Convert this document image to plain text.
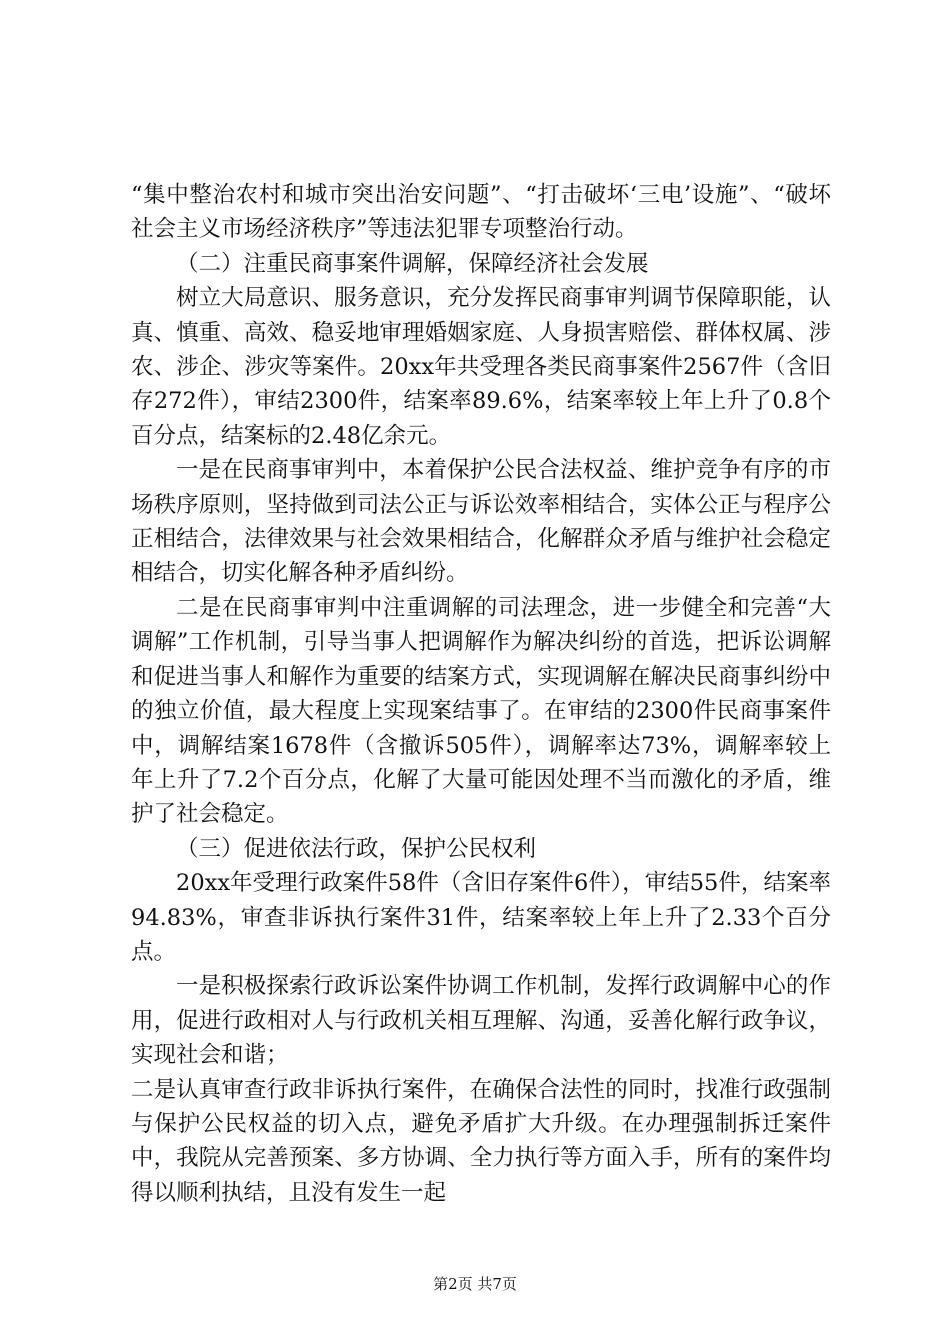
“集中整治农村和城市突出治安问题”、“打击破坏‘三电’设施”、“破坏社会主义市场经济秩序”等违法犯罪专项整治行动。

（二）注重民商事案件调解，保障经济社会发展

树立大局意识、服务意识，充分发挥民商事审判调节保障职能，认真、慎重、高效、稳妥地审理婚姻家庭、人身损害赔偿、群体权属、涉农、涉企、涉灾等案件。20xx年共受理各类民商事案件2567件（含旧存272件），审结2300件，结案率89.6%，结案率较上年上升了0.8个百分点，结案标的2.48亿余元。

一是在民商事审判中，本着保护公民合法权益、维护竞争有序的市场秩序原则，坚持做到司法公正与诉讼效率相结合，实体公正与程序公正相结合，法律效果与社会效果相结合，化解群众矛盾与维护社会稳定相结合，切实化解各种矛盾纠纷。

二是在民商事审判中注重调解的司法理念，进一步健全和完善“大调解”工作机制，引导当事人把调解作为解决纠纷的首选，把诉讼调解和促进当事人和解作为重要的结案方式，实现调解在解决民商事纠纷中的独立价值，最大程度上实现案结事了。在审结的2300件民商事案件中，调解结案1678件（含撤诉505件），调解率达73%，调解率较上年上升了7.2个百分点，化解了大量可能因处理不当而激化的矛盾，维护了社会稳定。

（三）促进依法行政，保护公民权利

20xx年受理行政案件58件（含旧存案件6件），审结55件，结案率94.83%，审查非诉执行案件31件，结案率较上年上升了2.33个百分点。

一是积极探索行政诉讼案件协调工作机制，发挥行政调解中心的作用，促进行政相对人与行政机关相互理解、沟通，妥善化解行政争议，实现社会和谐；

二是认真审查行政非诉执行案件，在确保合法性的同时，找准行政强制与保护公民权益的切入点，避免矛盾扩大升级。在办理强制拆迁案件中，我院从完善预案、多方协调、全力执行等方面入手，所有的案件均得以顺利执结，且没有发生一起

第2页 共7页
